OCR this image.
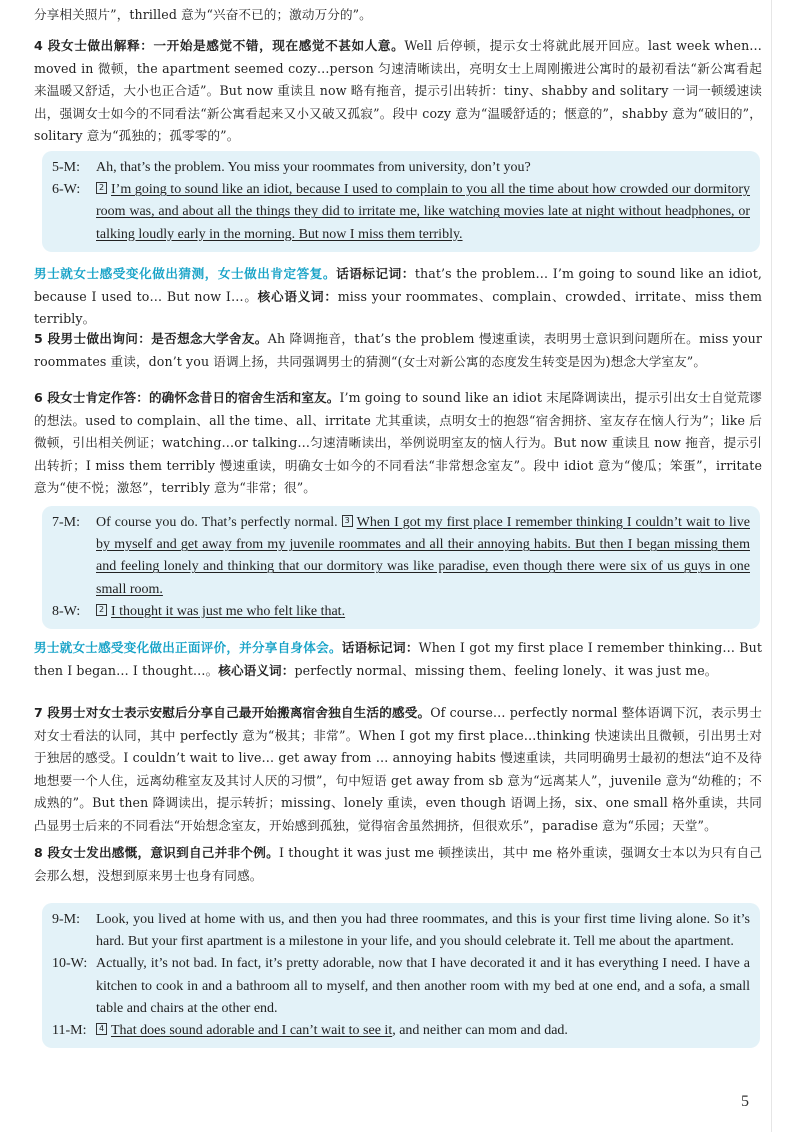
分享相关照片”，thrilled 意为“兴奋不已的；激动万分的”。

4 段女士做出解释：一开始是感觉不错，现在感觉不甚如人意。Well 后停顿，提示女士将就此展开回应。last week when…moved in 微顿，the apartment seemed cozy…person 匀速清晰读出，亮明女士上周刚搬进公寓时的最初看法“新公寓看起来温暖又舒适，大小也正合适”。But now 重读且 now 略有拖音，提示引出转折：tiny、shabby and solitary 一词一顿缓速读出，强调女士如今的不同看法“新公寓看起来又小又破又孤寂”。段中 cozy 意为“温暖舒适的；惬意的”，shabby 意为“破旧的”，solitary 意为“孤独的；孤零零的”。

5-M: Ah, that’s the problem. You miss your roommates from university, don’t you?
6-W: 2 I’m going to sound like an idiot, because I used to complain to you all the time about how crowded our dormitory room was, and about all the things they did to irritate me, like watching movies late at night without headphones, or talking loudly early in the morning. But now I miss them terribly.

男士就女士感受变化做出猜测，女士做出肯定答复。话语标记词：that’s the problem… I’m going to sound like an idiot, because I used to… But now I…。核心语义词：miss your roommates、complain、crowded、irritate、miss them terribly。

5 段男士做出询问：是否想念大学舍友。Ah 降调拖音，that’s the problem 慢速重读，表明男士意识到问题所在。miss your roommates 重读，don’t you 语调上扬，共同强调男士的猜测“(女士对新公寓的态度发生转变是因为)想念大学室友”。

6 段女士肯定作答：的确怀念昔日的宿舍生活和室友。I’m going to sound like an idiot 末尾降调读出，提示引出女士自觉荒谬的想法。used to complain、all the time、all、irritate 尤其重读，点明女士的抱怨“宿舍拥挤、室友存在恼人行为”；like 后微顿，引出相关例证；watching…or talking…匀速清晰读出，举例说明室友的恼人行为。But now 重读且 now 拖音，提示引出转折；I miss them terribly 慢速重读，明确女士如今的不同看法“非常想念室友”。段中 idiot 意为“傻瓜；笨蛋”，irritate 意为“使不悦；激怒”，terribly 意为“非常；很”。

7-M: Of course you do. That’s perfectly normal. 3 When I got my first place I remember thinking I couldn’t wait to live by myself and get away from my juvenile roommates and all their annoying habits. But then I began missing them and feeling lonely and thinking that our dormitory was like paradise, even though there were six of us guys in one small room.
8-W: 2 I thought it was just me who felt like that.

男士就女士感受变化做出正面评价，并分享自身体会。话语标记词：When I got my first place I remember thinking… But then I began… I thought…。核心语义词：perfectly normal、missing them、feeling lonely、it was just me。

7 段男士对女士表示安慰后分享自己最开始搬离宿舍独自生活的感受。Of course… perfectly normal 整体语调下沉，表示男士对女士看法的认同，其中 perfectly 意为“极其；非常”。When I got my first place…thinking 快速读出且微顿，引出男士对于独居的感受。I couldn’t wait to live… get away from … annoying habits 慢速重读，共同明确男士最初的想法“迫不及待地想要一个人住，远离幼稚室友及其讨人厌的习惯”，句中短语 get away from sb 意为“远离某人”，juvenile 意为“幼稚的；不成熟的”。But then 降调读出，提示转折；missing、lonely 重读，even though 语调上扬，six、one small 格外重读，共同凸显男士后来的不同看法“开始想念室友，开始感到孤独，觉得宿舍虽然拥挤，但很欢乐”，paradise 意为“乐园；天堂”。

8 段女士发出感慨，意识到自己并非个例。I thought it was just me 顿挫读出，其中 me 格外重读，强调女士本以为只有自己会那么想，没想到原来男士也身有同感。

9-M: Look, you lived at home with us, and then you had three roommates, and this is your first time living alone. So it’s hard. But your first apartment is a milestone in your life, and you should celebrate it. Tell me about the apartment.
10-W: Actually, it’s not bad. In fact, it’s pretty adorable, now that I have decorated it and it has everything I need. I have a kitchen to cook in and a bathroom all to myself, and then another room with my bed at one end, and a sofa, a small table and chairs at the other end.
11-M: 4 That does sound adorable and I can’t wait to see it, and neither can mom and dad.
5
